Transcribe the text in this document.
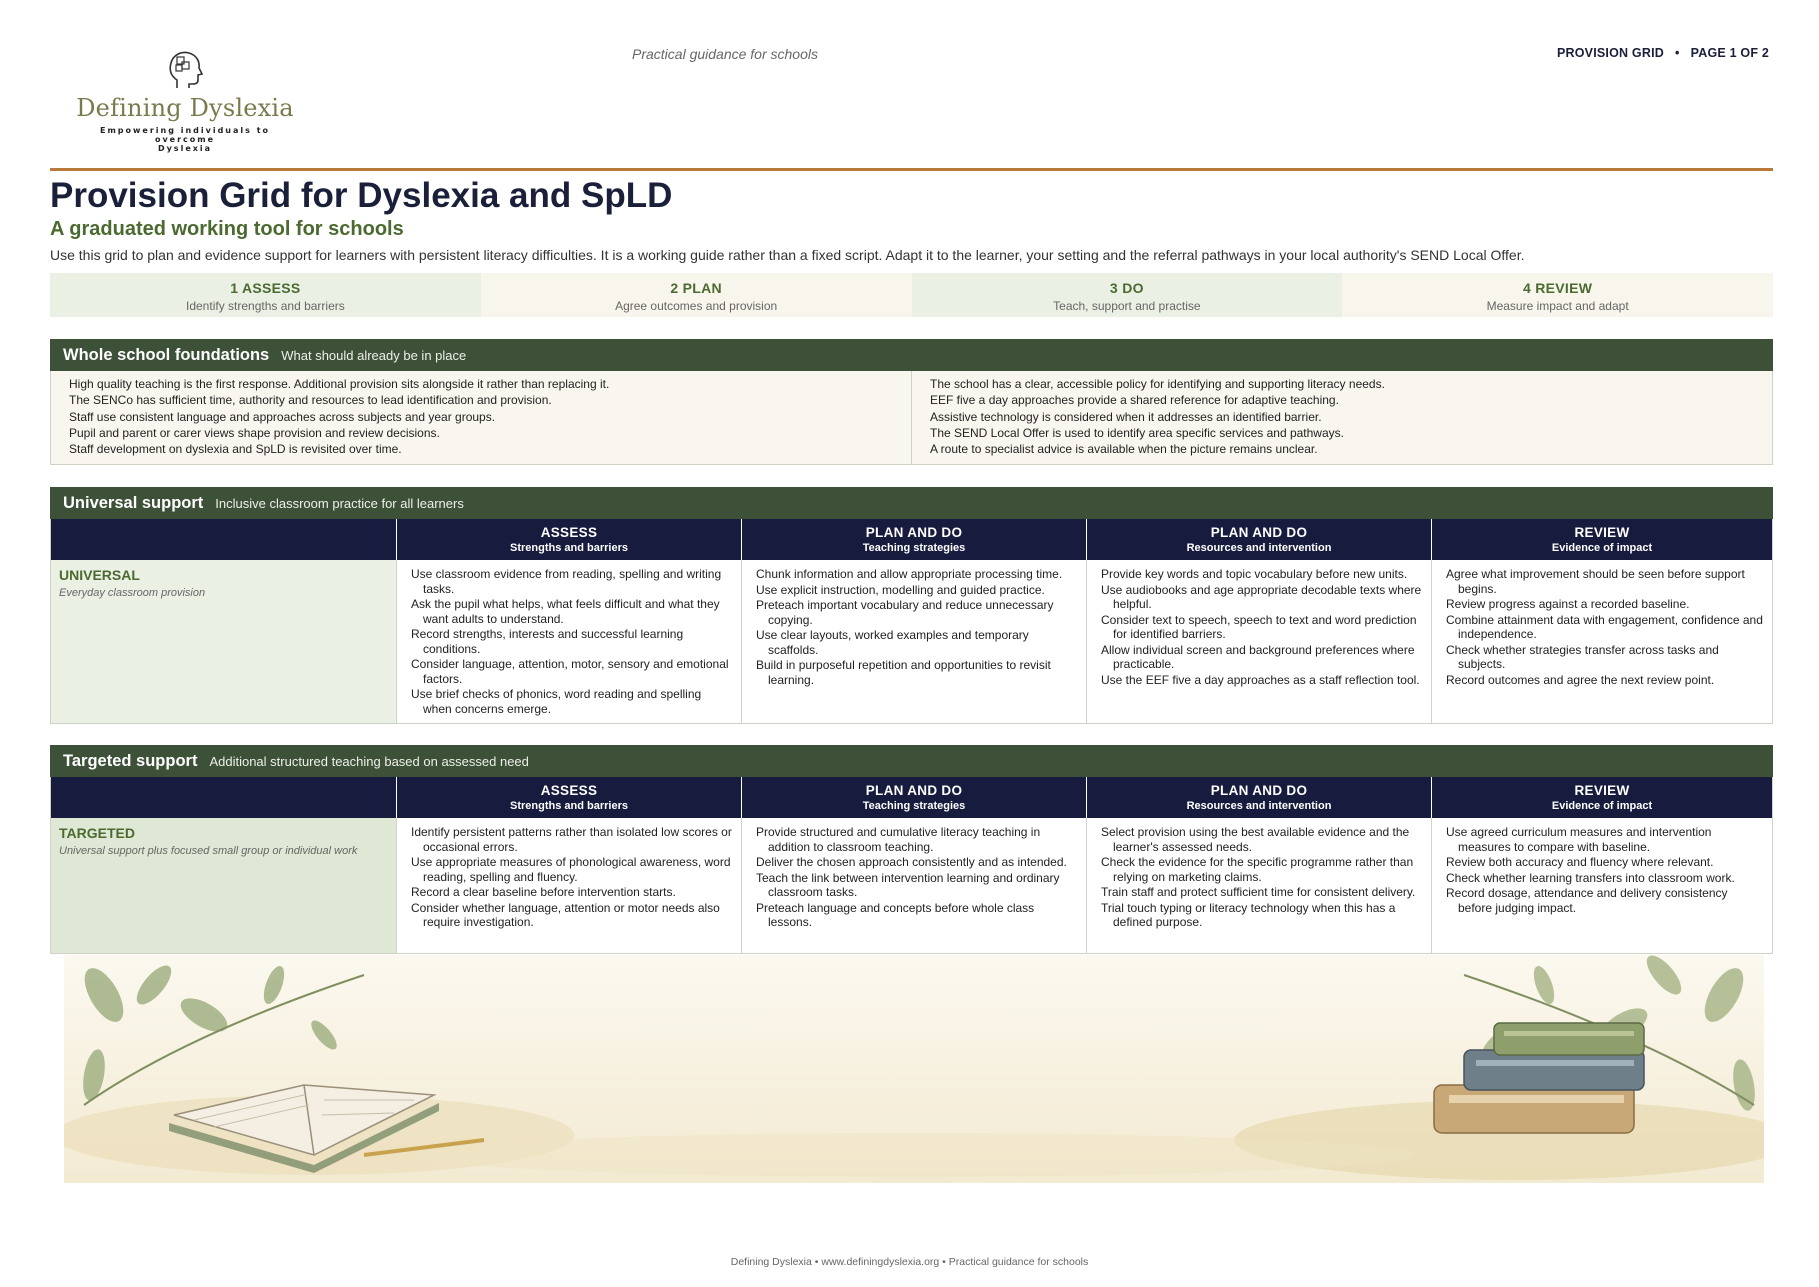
Defining Dyslexia
Empowering individuals to overcome
Dyslexia
Practical guidance for schools	PROVISION GRID • PAGE 1 OF 2
Provision Grid for Dyslexia and SpLD
A graduated working tool for schools
Use this grid to plan and evidence support for learners with persistent literacy difficulties. It is a working guide rather than a fixed script. Adapt it to the learner, your setting and the referral pathways in your local authority's SEND Local Offer.
1 ASSESS
Identify strengths and barriers
2 PLAN
Agree outcomes and provision
3 DO
Teach, support and practise
4 REVIEW
Measure impact and adapt
Whole school foundations What should already be in place
High quality teaching is the first response. Additional provision sits alongside it rather than replacing it.
The SENCo has sufficient time, authority and resources to lead identification and provision.
Staff use consistent language and approaches across subjects and year groups.
Pupil and parent or carer views shape provision and review decisions.
Staff development on dyslexia and SpLD is revisited over time.
The school has a clear, accessible policy for identifying and supporting literacy needs.
EEF five a day approaches provide a shared reference for adaptive teaching.
Assistive technology is considered when it addresses an identified barrier.
The SEND Local Offer is used to identify area specific services and pathways.
A route to specialist advice is available when the picture remains unclear.
Universal support Inclusive classroom practice for all learners
ASSESS
Strengths and barriers
PLAN AND DO
Teaching strategies
PLAN AND DO
Resources and intervention
REVIEW
Evidence of impact
UNIVERSAL
Everyday classroom provision
Use classroom evidence from reading, spelling and writing tasks.
Ask the pupil what helps, what feels difficult and what they want adults to understand.
Record strengths, interests and successful learning conditions.
Consider language, attention, motor, sensory and emotional factors.
Use brief checks of phonics, word reading and spelling when concerns emerge.
Chunk information and allow appropriate processing time.
Use explicit instruction, modelling and guided practice.
Preteach important vocabulary and reduce unnecessary copying.
Use clear layouts, worked examples and temporary scaffolds.
Build in purposeful repetition and opportunities to revisit learning.
Provide key words and topic vocabulary before new units.
Use audiobooks and age appropriate decodable texts where helpful.
Consider text to speech, speech to text and word prediction for identified barriers.
Allow individual screen and background preferences where practicable.
Use the EEF five a day approaches as a staff reflection tool.
Agree what improvement should be seen before support begins.
Review progress against a recorded baseline.
Combine attainment data with engagement, confidence and independence.
Check whether strategies transfer across tasks and subjects.
Record outcomes and agree the next review point.
Targeted support Additional structured teaching based on assessed need
ASSESS
Strengths and barriers
PLAN AND DO
Teaching strategies
PLAN AND DO
Resources and intervention
REVIEW
Evidence of impact
TARGETED
Universal support plus focused small group or individual work
Identify persistent patterns rather than isolated low scores or occasional errors.
Use appropriate measures of phonological awareness, word reading, spelling and fluency.
Record a clear baseline before intervention starts.
Consider whether language, attention or motor needs also require investigation.
Provide structured and cumulative literacy teaching in addition to classroom teaching.
Deliver the chosen approach consistently and as intended.
Teach the link between intervention learning and ordinary classroom tasks.
Preteach language and concepts before whole class lessons.
Select provision using the best available evidence and the learner's assessed needs.
Check the evidence for the specific programme rather than relying on marketing claims.
Train staff and protect sufficient time for consistent delivery.
Trial touch typing or literacy technology when this has a defined purpose.
Use agreed curriculum measures and intervention measures to compare with baseline.
Review both accuracy and fluency where relevant.
Check whether learning transfers into classroom work.
Record dosage, attendance and delivery consistency before judging impact.
Defining Dyslexia • www.definingdyslexia.org • Practical guidance for schools
